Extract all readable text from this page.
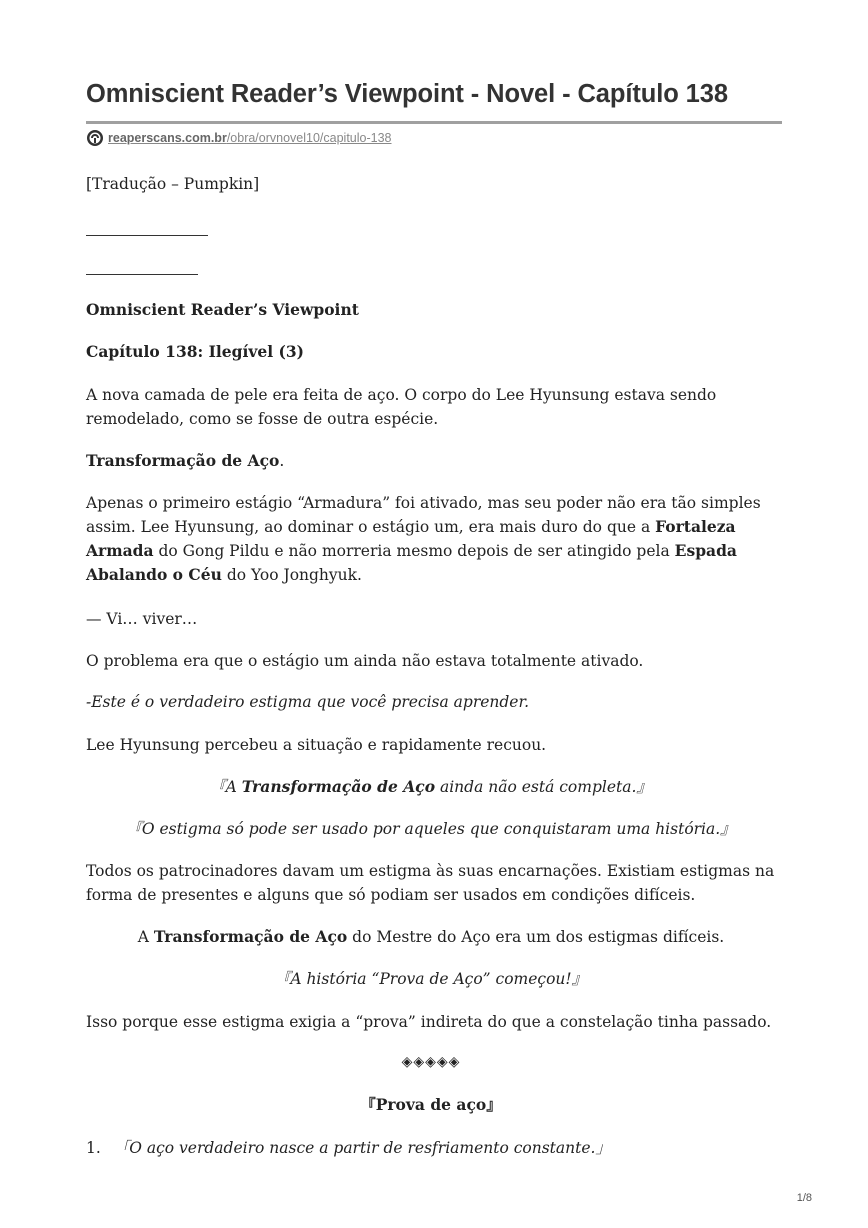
Omniscient Reader’s Viewpoint - Novel - Capítulo 138
reaperscans.com.br/obra/orvnovel10/capitulo-138

[Tradução – Pumpkin]

Omniscient Reader’s Viewpoint

Capítulo 138: Ilegível (3)

A nova camada de pele era feita de aço. O corpo do Lee Hyunsung estava sendo
remodelado, como se fosse de outra espécie.

Transformação de Aço.

Apenas o primeiro estágio “Armadura” foi ativado, mas seu poder não era tão simples
assim. Lee Hyunsung, ao dominar o estágio um, era mais duro do que a Fortaleza
Armada do Gong Pildu e não morreria mesmo depois de ser atingido pela Espada
Abalando o Céu do Yoo Jonghyuk.

— Vi… viver…

O problema era que o estágio um ainda não estava totalmente ativado.

-Este é o verdadeiro estigma que você precisa aprender.

Lee Hyunsung percebeu a situação e rapidamente recuou.

『A Transformação de Aço ainda não está completa.』

『O estigma só pode ser usado por aqueles que conquistaram uma história.』

Todos os patrocinadores davam um estigma às suas encarnações. Existiam estigmas na
forma de presentes e alguns que só podiam ser usados em condições difíceis.

A Transformação de Aço do Mestre do Aço era um dos estigmas difíceis.

『A história “Prova de Aço” começou!』

Isso porque esse estigma exigia a “prova” indireta do que a constelação tinha passado.

◈◈◈◈◈

『Prova de aço』

1. 「O aço verdadeiro nasce a partir de resfriamento constante.」

1/8
